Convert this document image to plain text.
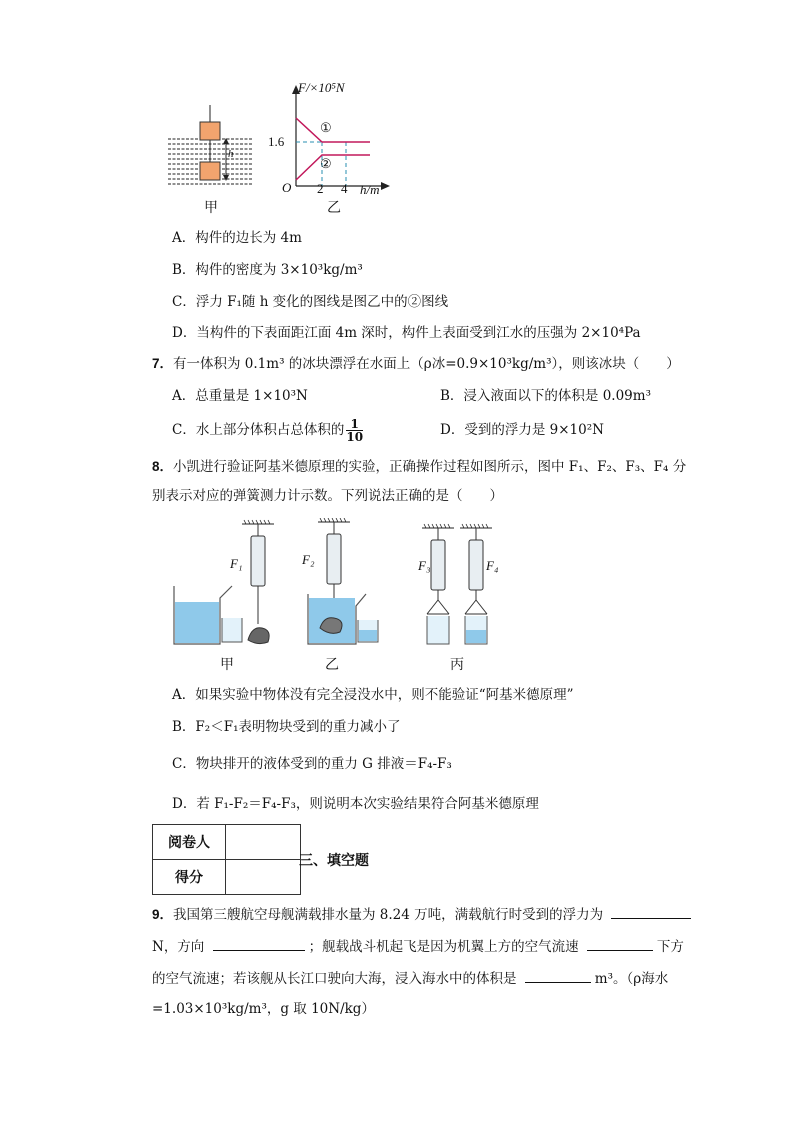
F/×10⁵N
1.6
O 2 4 h/m
①
②
h
甲	乙
A．构件的边长为 4m
B．构件的密度为 3×10³kg/m³
C．浮力 F₁随 h 变化的图线是图乙中的②图线
D．当构件的下表面距江面 4m 深时，构件上表面受到江水的压强为 2×10⁴Pa
7．有一体积为 0.1m³ 的冰块漂浮在水面上（ρ冰=0.9×10³kg/m³），则该冰块（　　）
A．总重量是 1×10³N	B．浸入液面以下的体积是 0.09m³
C．水上部分体积占总体积的 $\frac{1}{10}$	D．受到的浮力是 9×10²N
8．小凯进行验证阿基米德原理的实验，正确操作过程如图所示，图中 F₁、F₂、F₃、F₄ 分
别表示对应的弹簧测力计示数。下列说法正确的是（　　）
F₁	F₂	F₃	F₄
甲	乙	丙
A．如果实验中物体没有完全浸没水中，则不能验证“阿基米德原理”
B．F₂＜F₁表明物块受到的重力减小了
C．物块排开的液体受到的重力 G 排液＝F₄-F₃
D．若 F₁-F₂＝F₄-F₃，则说明本次实验结果符合阿基米德原理
阅卷人	
得分	
三、填空题
9．我国第三艘航空母舰满载排水量为 8.24 万吨，满载航行时受到的浮力为
N，方向	；舰载战斗机起飞是因为机翼上方的空气流速	下方
的空气流速；若该舰从长江口驶向大海，浸入海水中的体积是	m³。（ρ海水
=1.03×10³kg/m³，g 取 10N/kg）
